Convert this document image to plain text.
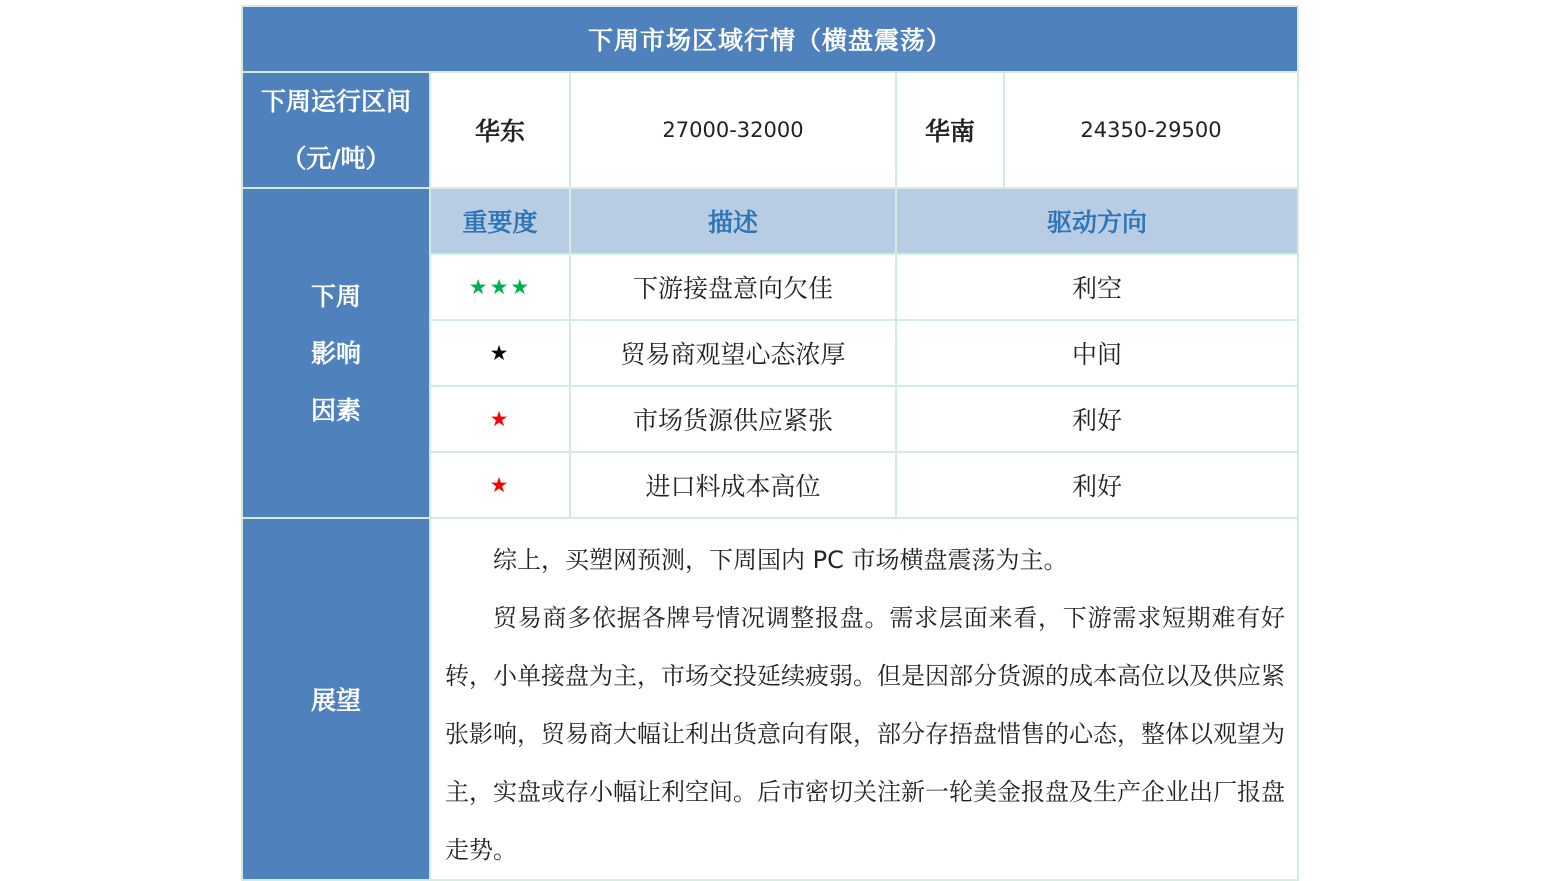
下周市场区域行情（横盘震荡）				

下周运行区间
（元/吨）	华东	27000-32000	华南	24350-29500

下周
影响
因素	重要度	描述	驱动方向	
	★★★	下游接盘意向欠佳	利空	
	★	贸易商观望心态浓厚	中间	
	★	市场货源供应紧张	利好	
	★	进口料成本高位	利好	
展望	综上，买塑网预测，下周国内 PC 市场横盘震荡为主。

贸易商多依据各牌号情况调整报盘。需求层面来看，下游需求短期难有好转，小单接盘为主，市场交投延续疲弱。但是因部分货源的成本高位以及供应紧张影响，贸易商大幅让利出货意向有限，部分存捂盘惜售的心态，整体以观望为主，实盘或存小幅让利空间。后市密切关注新一轮美金报盘及生产企业出厂报盘走势。			
